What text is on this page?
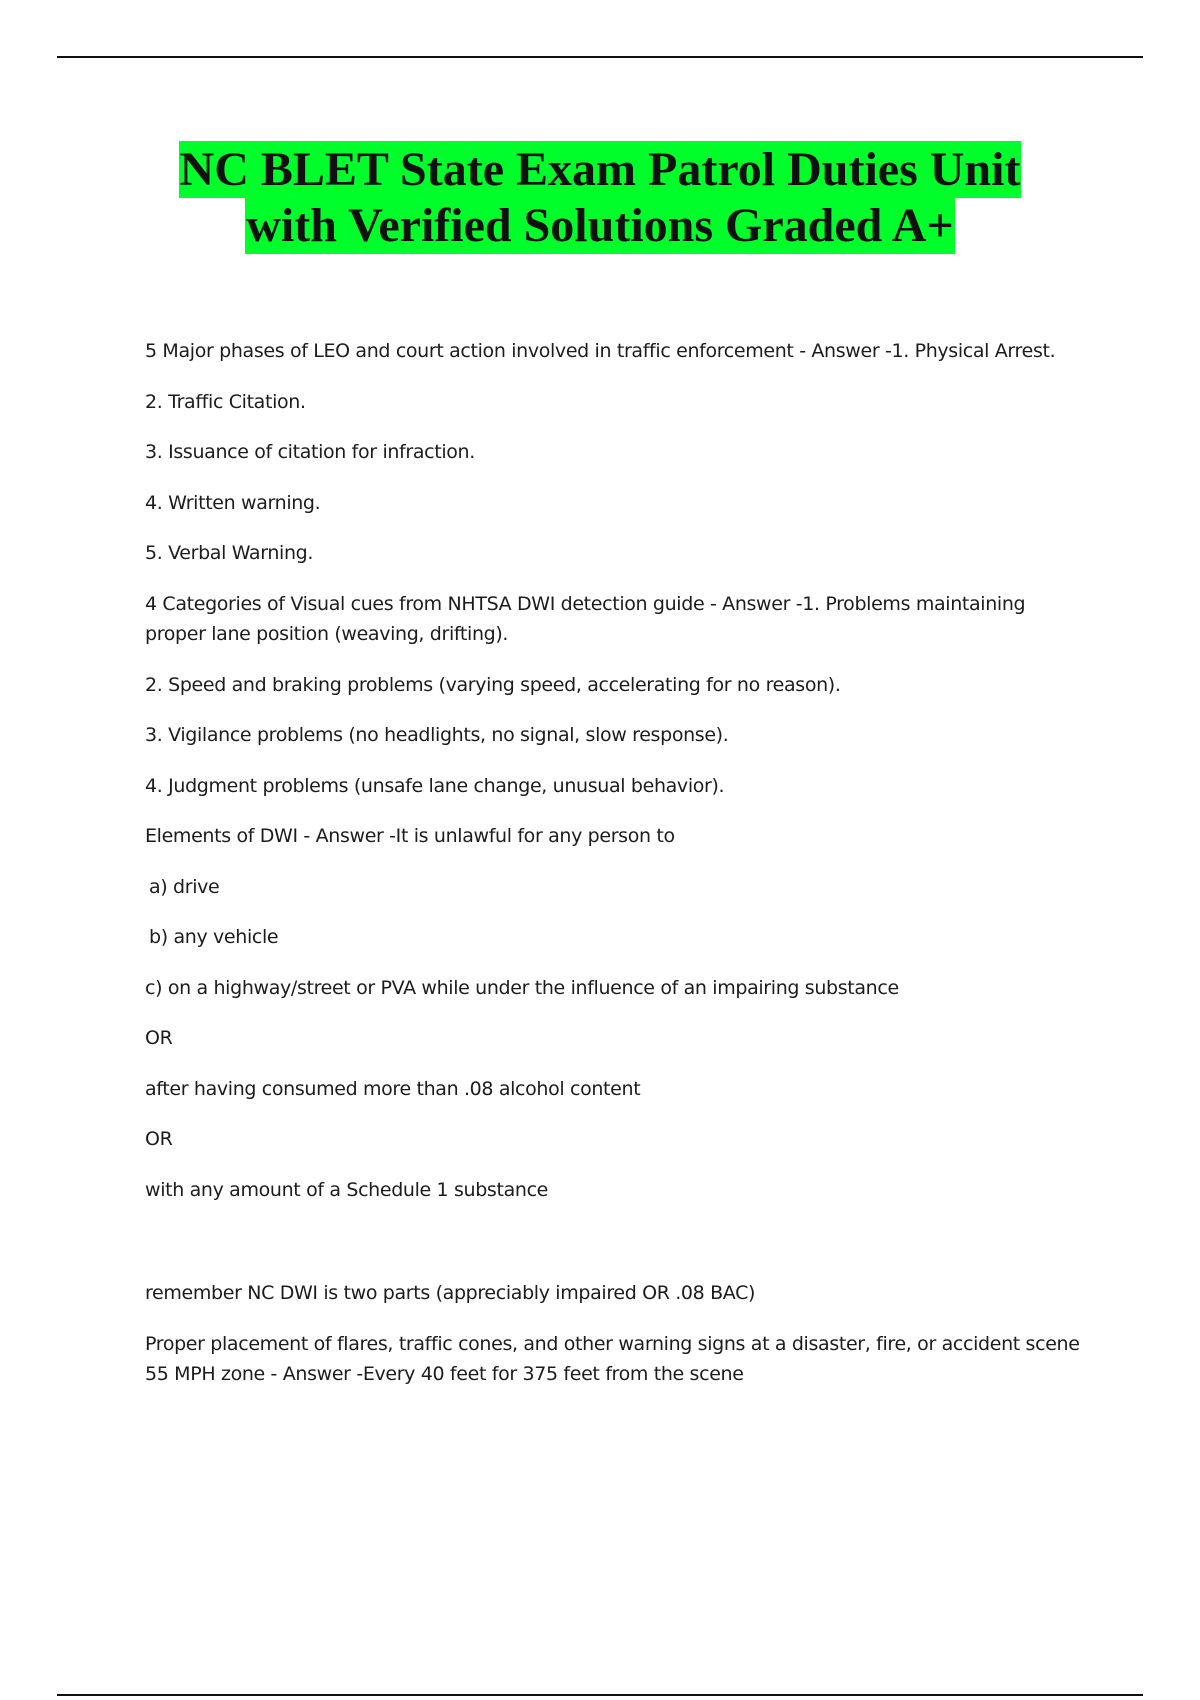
NC BLET State Exam Patrol Duties Unit
with Verified Solutions Graded A+

5 Major phases of LEO and court action involved in traffic enforcement - Answer -1. Physical Arrest.

2. Traffic Citation.

3. Issuance of citation for infraction.

4. Written warning.

5. Verbal Warning.

4 Categories of Visual cues from NHTSA DWI detection guide - Answer -1. Problems maintaining proper lane position (weaving, drifting).

2. Speed and braking problems (varying speed, accelerating for no reason).

3. Vigilance problems (no headlights, no signal, slow response).

4. Judgment problems (unsafe lane change, unusual behavior).

Elements of DWI - Answer -It is unlawful for any person to

a) drive

b) any vehicle

c) on a highway/street or PVA while under the influence of an impairing substance

OR

after having consumed more than .08 alcohol content

OR

with any amount of a Schedule 1 substance

remember NC DWI is two parts (appreciably impaired OR .08 BAC)

Proper placement of flares, traffic cones, and other warning signs at a disaster, fire, or accident scene 55 MPH zone - Answer -Every 40 feet for 375 feet from the scene
